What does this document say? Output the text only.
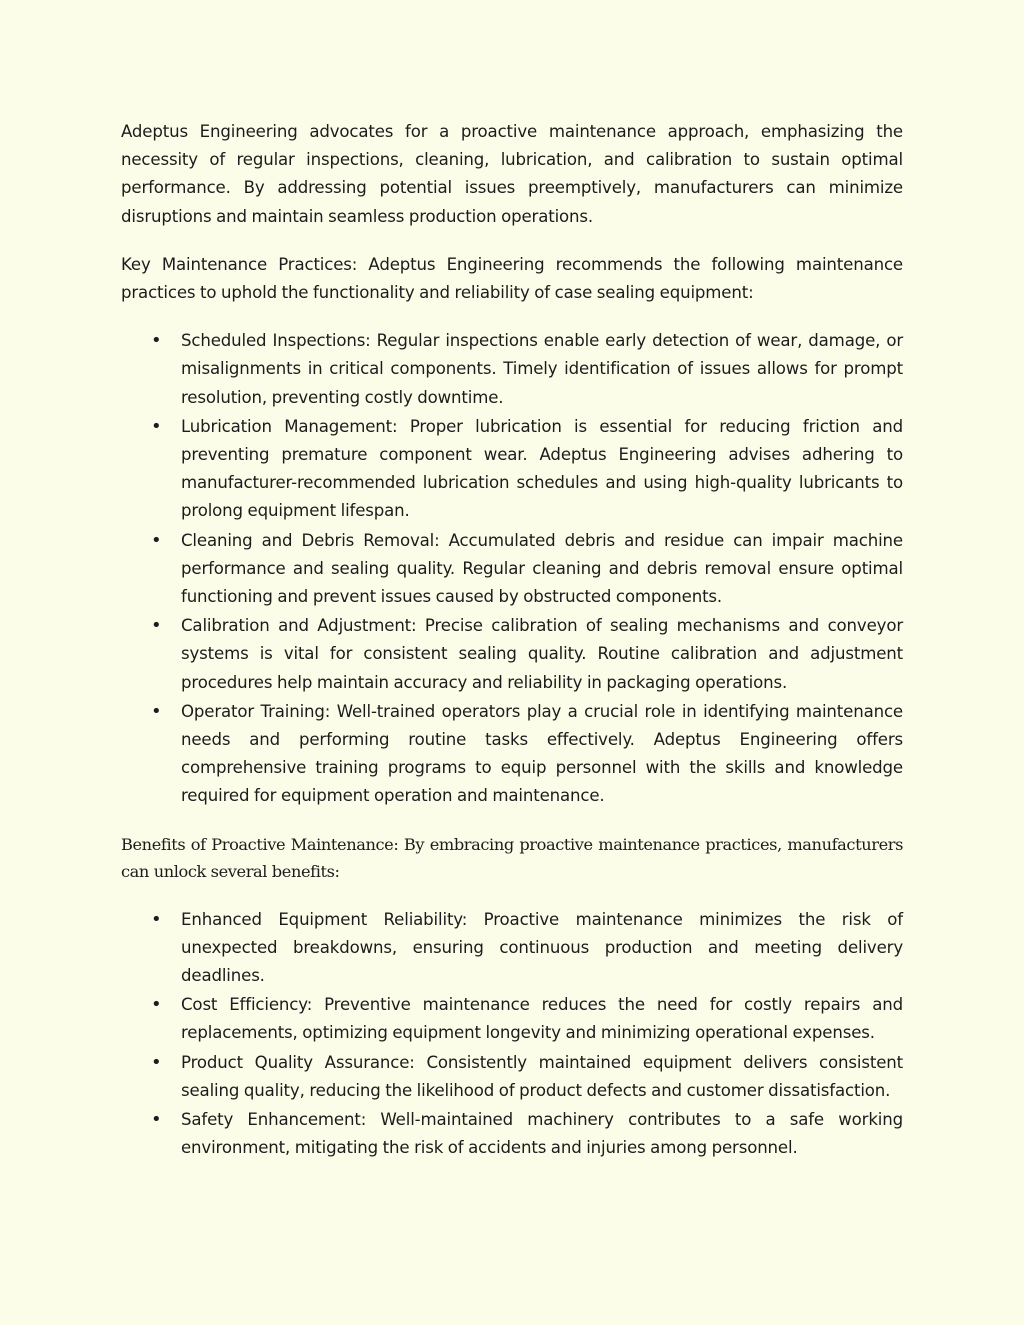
Adeptus Engineering advocates for a proactive maintenance approach, emphasizing the necessity of regular inspections, cleaning, lubrication, and calibration to sustain optimal performance. By addressing potential issues preemptively, manufacturers can minimize disruptions and maintain seamless production operations.

Key Maintenance Practices: Adeptus Engineering recommends the following maintenance practices to uphold the functionality and reliability of case sealing equipment:

• Scheduled Inspections: Regular inspections enable early detection of wear, damage, or misalignments in critical components. Timely identification of issues allows for prompt resolution, preventing costly downtime.
• Lubrication Management: Proper lubrication is essential for reducing friction and preventing premature component wear. Adeptus Engineering advises adhering to manufacturer-recommended lubrication schedules and using high-quality lubricants to prolong equipment lifespan.
• Cleaning and Debris Removal: Accumulated debris and residue can impair machine performance and sealing quality. Regular cleaning and debris removal ensure optimal functioning and prevent issues caused by obstructed components.
• Calibration and Adjustment: Precise calibration of sealing mechanisms and conveyor systems is vital for consistent sealing quality. Routine calibration and adjustment procedures help maintain accuracy and reliability in packaging operations.
• Operator Training: Well-trained operators play a crucial role in identifying maintenance needs and performing routine tasks effectively. Adeptus Engineering offers comprehensive training programs to equip personnel with the skills and knowledge required for equipment operation and maintenance.

Benefits of Proactive Maintenance: By embracing proactive maintenance practices, manufacturers can unlock several benefits:

• Enhanced Equipment Reliability: Proactive maintenance minimizes the risk of unexpected breakdowns, ensuring continuous production and meeting delivery deadlines.
• Cost Efficiency: Preventive maintenance reduces the need for costly repairs and replacements, optimizing equipment longevity and minimizing operational expenses.
• Product Quality Assurance: Consistently maintained equipment delivers consistent sealing quality, reducing the likelihood of product defects and customer dissatisfaction.
• Safety Enhancement: Well-maintained machinery contributes to a safe working environment, mitigating the risk of accidents and injuries among personnel.
